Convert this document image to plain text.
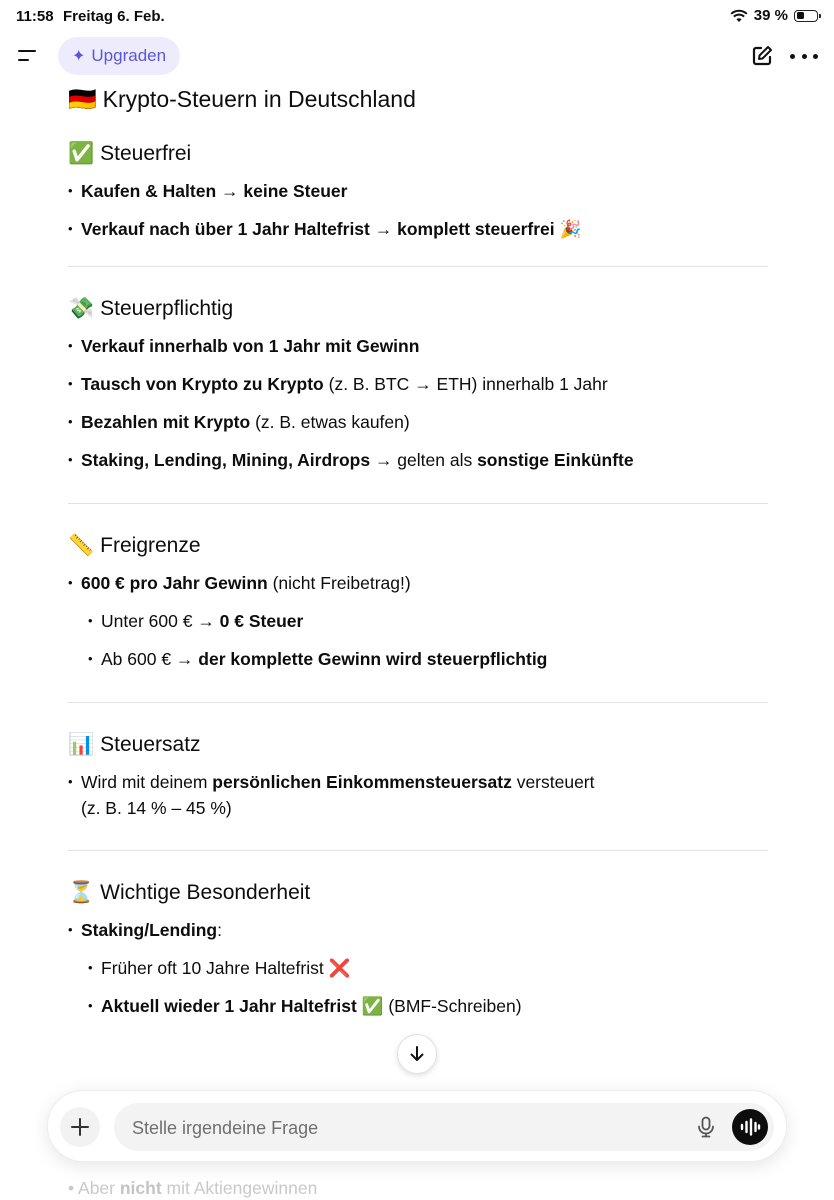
11:58 Freitag 6. Feb.	39 %
✦ Upgraden
🇩🇪 Krypto-Steuern in Deutschland
✅ Steuerfrei
• Kaufen & Halten → keine Steuer
• Verkauf nach über 1 Jahr Haltefrist → komplett steuerfrei 🎉
💸 Steuerpflichtig
• Verkauf innerhalb von 1 Jahr mit Gewinn
• Tausch von Krypto zu Krypto (z. B. BTC → ETH) innerhalb 1 Jahr
• Bezahlen mit Krypto (z. B. etwas kaufen)
• Staking, Lending, Mining, Airdrops → gelten als sonstige Einkünfte
📏 Freigrenze
• 600 € pro Jahr Gewinn (nicht Freibetrag!)
• Unter 600 € → 0 € Steuer
• Ab 600 € → der komplette Gewinn wird steuerpflichtig
📊 Steuersatz
• Wird mit deinem persönlichen Einkommensteuersatz versteuert
(z. B. 14 % – 45 %)
⏳ Wichtige Besonderheit
• Staking/Lending:
• Früher oft 10 Jahre Haltefrist ❌
• Aktuell wieder 1 Jahr Haltefrist ✅ (BMF-Schreiben)
• Aber nicht mit Aktiengewinnen
Stelle irgendeine Frage
